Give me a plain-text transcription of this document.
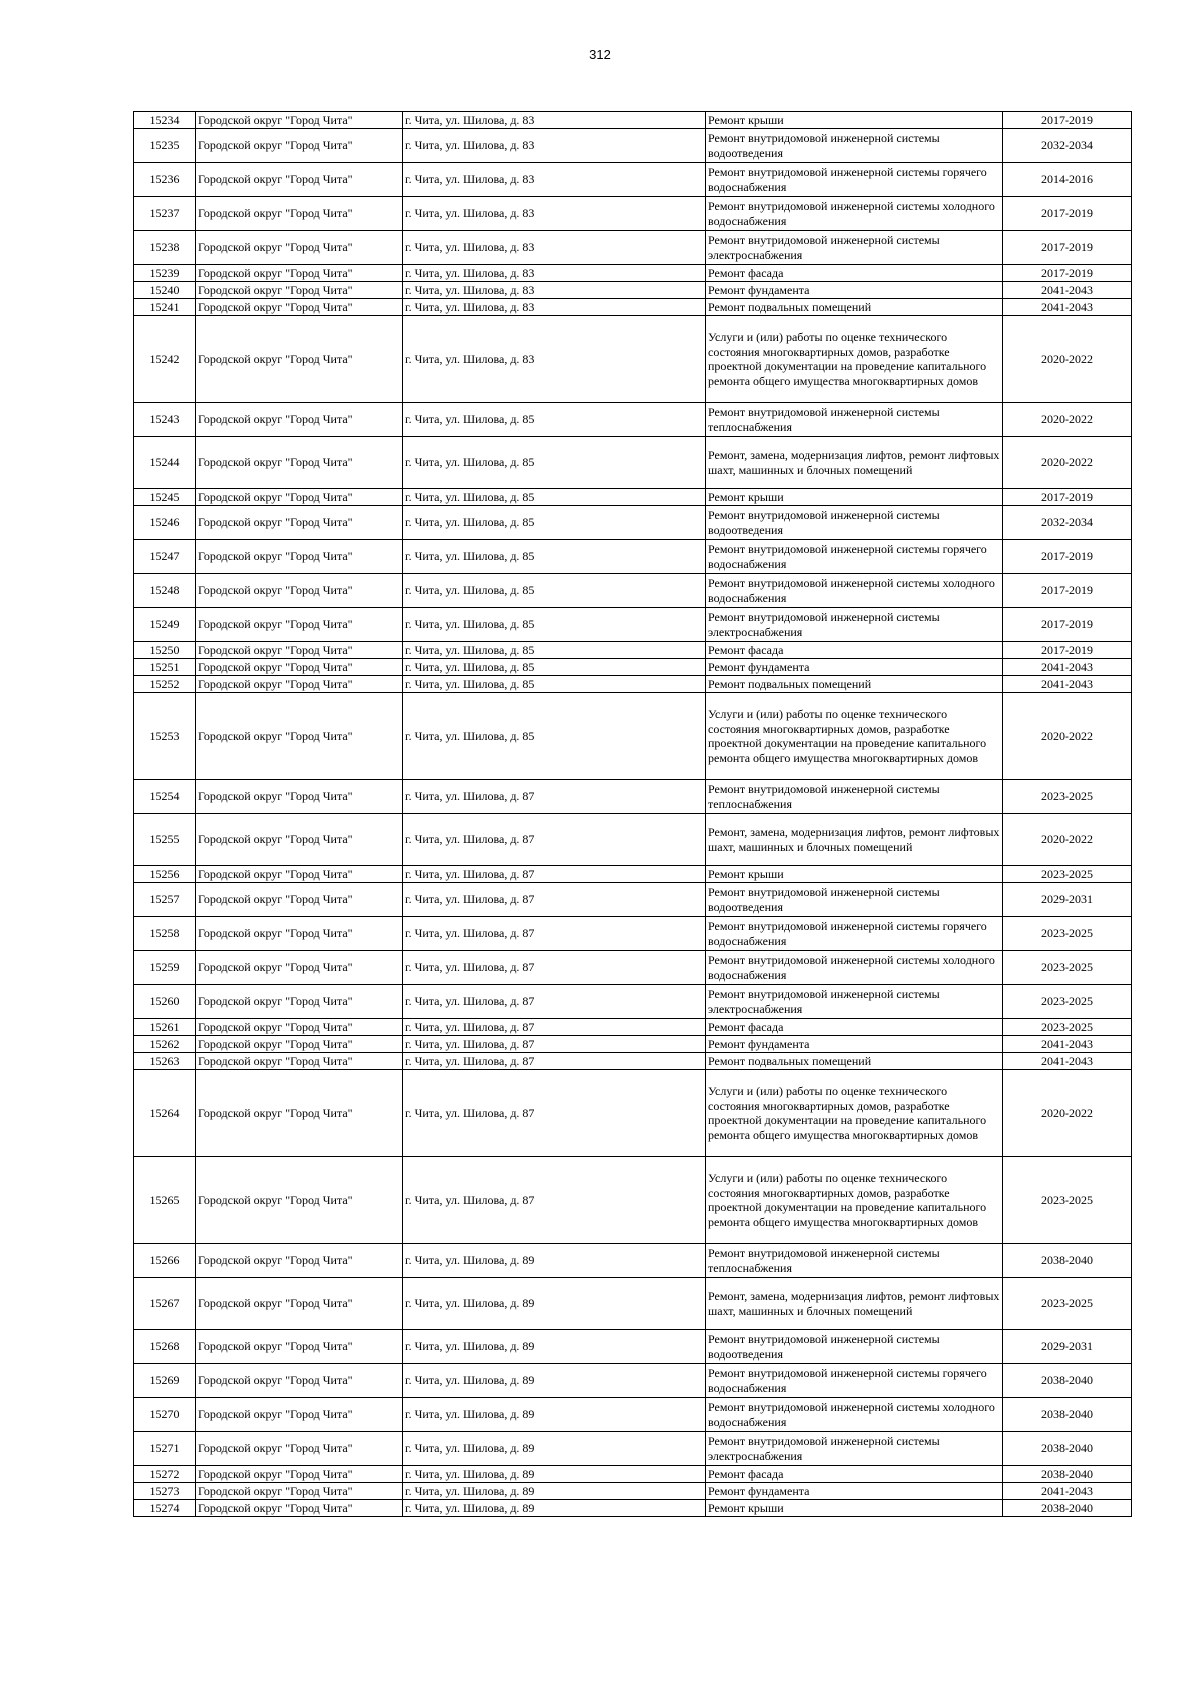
312
15234	Городской округ "Город Чита"	г. Чита, ул. Шилова, д. 83	Ремонт крыши	2017-2019
15235	Городской округ "Город Чита"	г. Чита, ул. Шилова, д. 83	Ремонт внутридомовой инженерной системы водоотведения	2032-2034
15236	Городской округ "Город Чита"	г. Чита, ул. Шилова, д. 83	Ремонт внутридомовой инженерной системы горячего водоснабжения	2014-2016
15237	Городской округ "Город Чита"	г. Чита, ул. Шилова, д. 83	Ремонт внутридомовой инженерной системы холодного водоснабжения	2017-2019
15238	Городской округ "Город Чита"	г. Чита, ул. Шилова, д. 83	Ремонт внутридомовой инженерной системы электроснабжения	2017-2019
15239	Городской округ "Город Чита"	г. Чита, ул. Шилова, д. 83	Ремонт фасада	2017-2019
15240	Городской округ "Город Чита"	г. Чита, ул. Шилова, д. 83	Ремонт фундамента	2041-2043
15241	Городской округ "Город Чита"	г. Чита, ул. Шилова, д. 83	Ремонт подвальных помещений	2041-2043
15242	Городской округ "Город Чита"	г. Чита, ул. Шилова, д. 83	Услуги и (или) работы по оценке технического состояния многоквартирных домов, разработке проектной документации на проведение капитального ремонта общего имущества многоквартирных домов	2020-2022
15243	Городской округ "Город Чита"	г. Чита, ул. Шилова, д. 85	Ремонт внутридомовой инженерной системы теплоснабжения	2020-2022
15244	Городской округ "Город Чита"	г. Чита, ул. Шилова, д. 85	Ремонт, замена, модернизация лифтов, ремонт лифтовых шахт, машинных и блочных помещений	2020-2022
15245	Городской округ "Город Чита"	г. Чита, ул. Шилова, д. 85	Ремонт крыши	2017-2019
15246	Городской округ "Город Чита"	г. Чита, ул. Шилова, д. 85	Ремонт внутридомовой инженерной системы водоотведения	2032-2034
15247	Городской округ "Город Чита"	г. Чита, ул. Шилова, д. 85	Ремонт внутридомовой инженерной системы горячего водоснабжения	2017-2019
15248	Городской округ "Город Чита"	г. Чита, ул. Шилова, д. 85	Ремонт внутридомовой инженерной системы холодного водоснабжения	2017-2019
15249	Городской округ "Город Чита"	г. Чита, ул. Шилова, д. 85	Ремонт внутридомовой инженерной системы электроснабжения	2017-2019
15250	Городской округ "Город Чита"	г. Чита, ул. Шилова, д. 85	Ремонт фасада	2017-2019
15251	Городской округ "Город Чита"	г. Чита, ул. Шилова, д. 85	Ремонт фундамента	2041-2043
15252	Городской округ "Город Чита"	г. Чита, ул. Шилова, д. 85	Ремонт подвальных помещений	2041-2043
15253	Городской округ "Город Чита"	г. Чита, ул. Шилова, д. 85	Услуги и (или) работы по оценке технического состояния многоквартирных домов, разработке проектной документации на проведение капитального ремонта общего имущества многоквартирных домов	2020-2022
15254	Городской округ "Город Чита"	г. Чита, ул. Шилова, д. 87	Ремонт внутридомовой инженерной системы теплоснабжения	2023-2025
15255	Городской округ "Город Чита"	г. Чита, ул. Шилова, д. 87	Ремонт, замена, модернизация лифтов, ремонт лифтовых шахт, машинных и блочных помещений	2020-2022
15256	Городской округ "Город Чита"	г. Чита, ул. Шилова, д. 87	Ремонт крыши	2023-2025
15257	Городской округ "Город Чита"	г. Чита, ул. Шилова, д. 87	Ремонт внутридомовой инженерной системы водоотведения	2029-2031
15258	Городской округ "Город Чита"	г. Чита, ул. Шилова, д. 87	Ремонт внутридомовой инженерной системы горячего водоснабжения	2023-2025
15259	Городской округ "Город Чита"	г. Чита, ул. Шилова, д. 87	Ремонт внутридомовой инженерной системы холодного водоснабжения	2023-2025
15260	Городской округ "Город Чита"	г. Чита, ул. Шилова, д. 87	Ремонт внутридомовой инженерной системы электроснабжения	2023-2025
15261	Городской округ "Город Чита"	г. Чита, ул. Шилова, д. 87	Ремонт фасада	2023-2025
15262	Городской округ "Город Чита"	г. Чита, ул. Шилова, д. 87	Ремонт фундамента	2041-2043
15263	Городской округ "Город Чита"	г. Чита, ул. Шилова, д. 87	Ремонт подвальных помещений	2041-2043
15264	Городской округ "Город Чита"	г. Чита, ул. Шилова, д. 87	Услуги и (или) работы по оценке технического состояния многоквартирных домов, разработке проектной документации на проведение капитального ремонта общего имущества многоквартирных домов	2020-2022
15265	Городской округ "Город Чита"	г. Чита, ул. Шилова, д. 87	Услуги и (или) работы по оценке технического состояния многоквартирных домов, разработке проектной документации на проведение капитального ремонта общего имущества многоквартирных домов	2023-2025
15266	Городской округ "Город Чита"	г. Чита, ул. Шилова, д. 89	Ремонт внутридомовой инженерной системы теплоснабжения	2038-2040
15267	Городской округ "Город Чита"	г. Чита, ул. Шилова, д. 89	Ремонт, замена, модернизация лифтов, ремонт лифтовых шахт, машинных и блочных помещений	2023-2025
15268	Городской округ "Город Чита"	г. Чита, ул. Шилова, д. 89	Ремонт внутридомовой инженерной системы водоотведения	2029-2031
15269	Городской округ "Город Чита"	г. Чита, ул. Шилова, д. 89	Ремонт внутридомовой инженерной системы горячего водоснабжения	2038-2040
15270	Городской округ "Город Чита"	г. Чита, ул. Шилова, д. 89	Ремонт внутридомовой инженерной системы холодного водоснабжения	2038-2040
15271	Городской округ "Город Чита"	г. Чита, ул. Шилова, д. 89	Ремонт внутридомовой инженерной системы электроснабжения	2038-2040
15272	Городской округ "Город Чита"	г. Чита, ул. Шилова, д. 89	Ремонт фасада	2038-2040
15273	Городской округ "Город Чита"	г. Чита, ул. Шилова, д. 89	Ремонт фундамента	2041-2043
15274	Городской округ "Город Чита"	г. Чита, ул. Шилова, д. 89	Ремонт крыши	2038-2040
